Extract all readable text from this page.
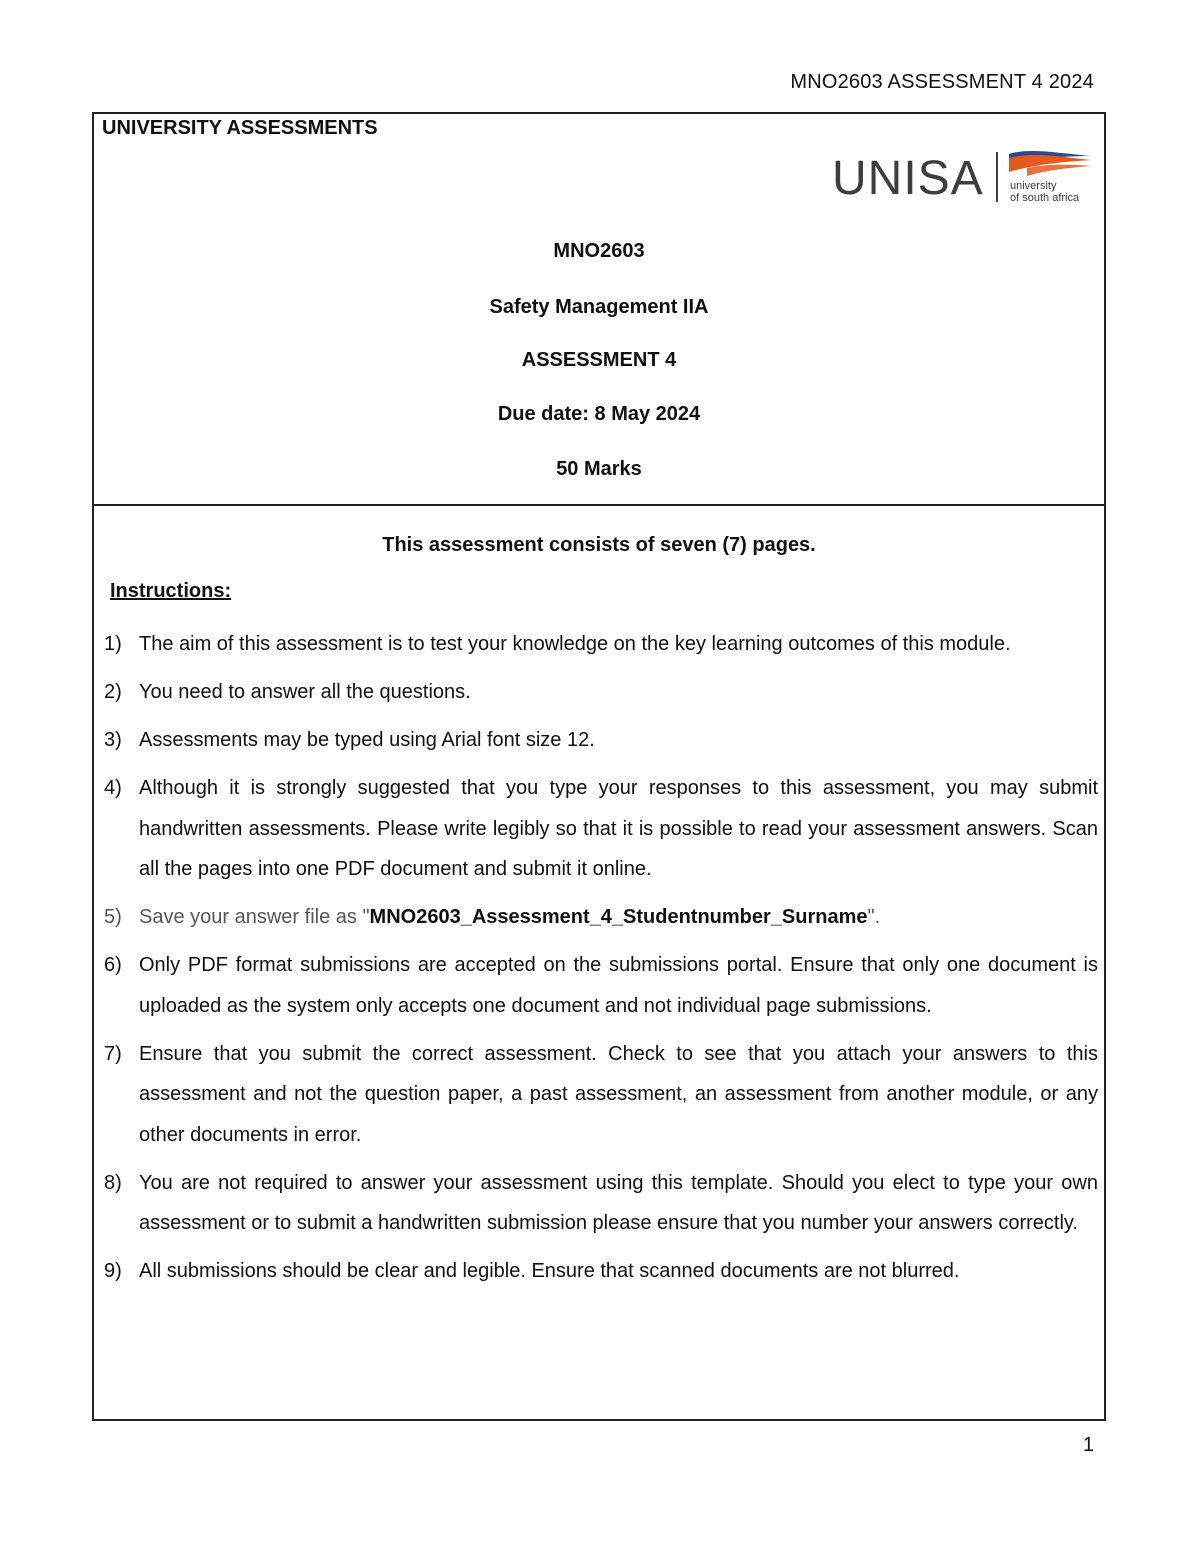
MNO2603 ASSESSMENT 4 2024
UNIVERSITY ASSESSMENTS
UNISA university
of south africa
MNO2603
Safety Management IIA
ASSESSMENT 4
Due date: 8 May 2024
50 Marks
This assessment consists of seven (7) pages.
Instructions:
1) The aim of this assessment is to test your knowledge on the key learning outcomes of this module.
2) You need to answer all the questions.
3) Assessments may be typed using Arial font size 12.
4) Although it is strongly suggested that you type your responses to this assessment, you may submit handwritten assessments. Please write legibly so that it is possible to read your assessment answers. Scan all the pages into one PDF document and submit it online.
5) Save your answer file as "MNO2603_Assessment_4_Studentnumber_Surname".
6) Only PDF format submissions are accepted on the submissions portal. Ensure that only one document is uploaded as the system only accepts one document and not individual page submissions.
7) Ensure that you submit the correct assessment. Check to see that you attach your answers to this assessment and not the question paper, a past assessment, an assessment from another module, or any other documents in error.
8) You are not required to answer your assessment using this template. Should you elect to type your own assessment or to submit a handwritten submission please ensure that you number your answers correctly.
9) All submissions should be clear and legible. Ensure that scanned documents are not blurred.
1
